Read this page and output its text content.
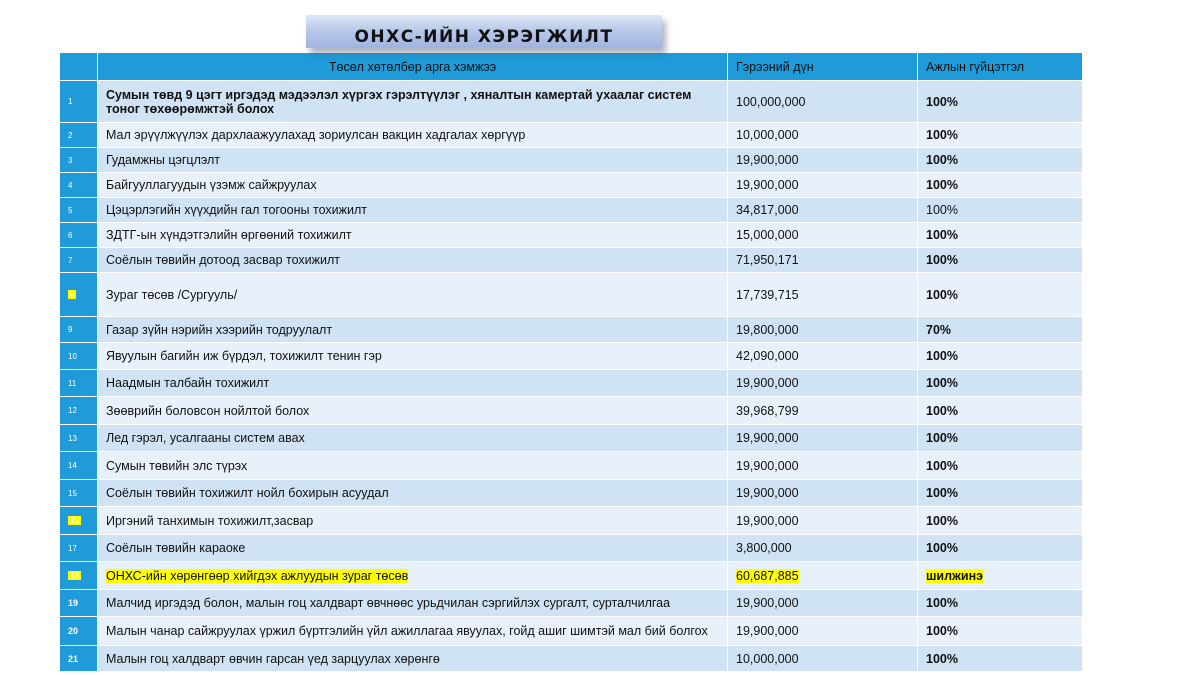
ОНХС-ИЙН ХЭРЭГЖИЛТ
	Төсөл хөтөлбөр арга хэмжээ	Гэрээний дүн	Ажлын гүйцэтгэл
1	Сумын төвд 9 цэгт иргэдэд мэдээлэл хүргэх гэрэлтүүлэг , хяналтын камертай ухаалаг систем тоног төхөөрөмжтэй болох	100,000,000	100%
2	Мал эрүүлжүүлэх дархлаажуулахад зориулсан вакцин хадгалах хөргүүр	10,000,000	100%
3	Гудамжны цэгцлэлт	19,900,000	100%
4	Байгууллагуудын үзэмж сайжруулах	19,900,000	100%
5	Цэцэрлэгийн хүүхдийн гал тогооны тохижилт	34,817,000	100%
6	ЗДТГ-ын хүндэтгэлийн өргөөний тохижилт	15,000,000	100%
7	Соёлын төвийн дотоод засвар тохижилт	71,950,171	100%
8	Зураг төсөв /Сургууль/	17,739,715	100%
9	Газар зүйн нэрийн хээрийн тодруулалт	19,800,000	70%
10	Явуулын багийн иж бүрдэл, тохижилт тенин гэр	42,090,000	100%
11	Наадмын талбайн тохижилт	19,900,000	100%
12	Зөөврийн боловсон нойлтой болох	39,968,799	100%
13	Лед гэрэл, усалгааны систем авах	19,900,000	100%
14	Сумын төвийн элс түрэх	19,900,000	100%
15	Соёлын төвийн тохижилт нойл бохирын асуудал	19,900,000	100%
16	Иргэний танхимын тохижилт,засвар	19,900,000	100%
17	Соёлын төвийн караоке	3,800,000	100%
18	ОНХС-ийн хөрөнгөөр хийгдэх ажлуудын зураг төсөв	60,687,885	шилжинэ
19	Малчид иргэдэд болон, малын гоц халдварт өвчнөөс урьдчилан сэргийлэх сургалт, сурталчилгаа	19,900,000	100%
20	Малын чанар сайжруулах үржил бүртгэлийн үйл ажиллагаа явуулах, гойд ашиг шимтэй мал бий болгох	19,900,000	100%
21	Малын гоц халдварт өвчин гарсан үед зарцуулах хөрөнгө	10,000,000	100%
